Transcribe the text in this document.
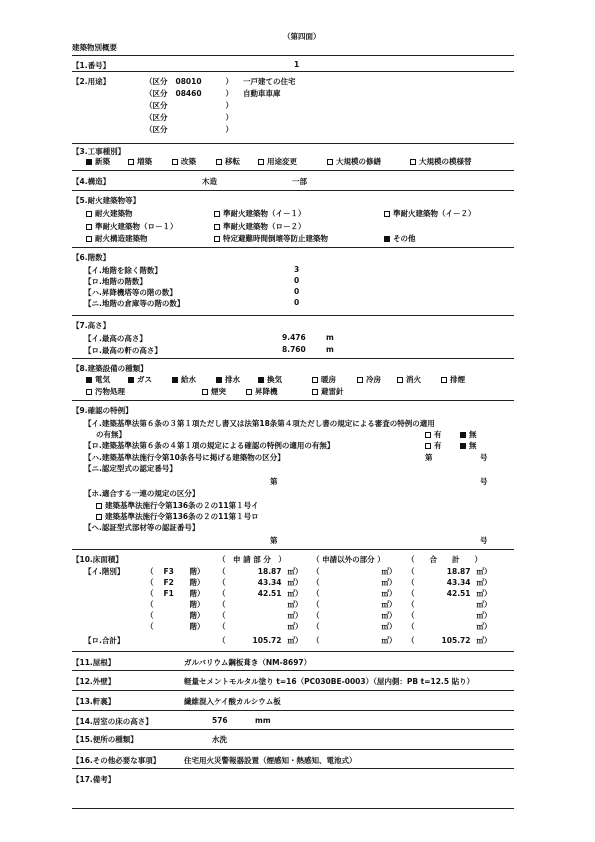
（第四面）
建築物別概要
【1.番号】	1
【2.用途】	（区分 08010	） 一戸建ての住宅
（区分 08460	） 自動車車庫
（区分	）
（区分	）
（区分	）
【3.工事種別】
新築	増築	改築	移転	用途変更	大規模の修繕	大規模の模様替
【4.構造】	木造	一部
【5.耐火建築物等】
耐火建築物	準耐火建築物（イ－１）	準耐火建築物（イ－２）
準耐火建築物（ロ－１）	準耐火建築物（ロ－２）
その他
耐火構造建築物	特定避難時間倒壊等防止建築物
【6.階数】
【イ.地階を除く階数】	3
【ロ.地階の階数】	0
【ハ.昇降機塔等の階の数】	0
【ニ.地階の倉庫等の階の数】	0
【7.高さ】
【イ.最高の高さ】	9.476	m
【ロ.最高の軒の高さ】	8.760	m
【8.建築設備の種類】
電気	ガス	給水	排水	換気	暖房	冷房	消火	排煙
汚物処理	煙突	昇降機	避雷針
【9.確認の特例】
【イ.建築基準法第６条の３第１項ただし書又は法第18条第４項ただし書の規定による審査の特例の適用
の有無】	有	無
【ロ.建築基準法第６条の４第１項の規定による確認の特例の適用の有無】	有	無
【ハ.建築基準法施行令第10条各号に掲げる建築物の区分】	第	号
【ニ.認定型式の認定番号】
第	号
【ホ.適合する一連の規定の区分】
建築基準法施行令第136条の２の11第１号イ
建築基準法施行令第136条の２の11第１号ロ
【ヘ.認証型式部材等の認証番号】
第	号
【10.床面積】	（　申 請 部 分　）	（ 申請以外の部分 ）	（　　合　　計　　）
【イ.階別】	（ F3 階） （	18.87 ㎡） （	㎡） （	18.87 ㎡）
（ F2 階） （	43.34 ㎡） （	㎡） （	43.34 ㎡）
（ F1 階） （	42.51 ㎡） （	㎡） （	42.51 ㎡）
（	階） （	㎡） （	㎡） （	㎡）
（	階） （	㎡） （	㎡） （	㎡）
（	階） （	㎡） （	㎡） （	㎡）
【ロ.合計】	（	105.72 ㎡） （	㎡） （	105.72 ㎡）
【11.屋根】	ガルバリウム鋼板葺き（NM-8697）
【12.外壁】	軽量セメントモルタル塗り t=16（PC030BE-0003）（屋内側：PB t=12.5 貼り）
【13.軒裏】	繊維混入ケイ酸カルシウム板
【14.居室の床の高さ】	576	mm
【15.便所の種類】	水洗
【16.その他必要な事項】	住宅用火災警報器設置（煙感知・熱感知、電池式）
【17.備考】
